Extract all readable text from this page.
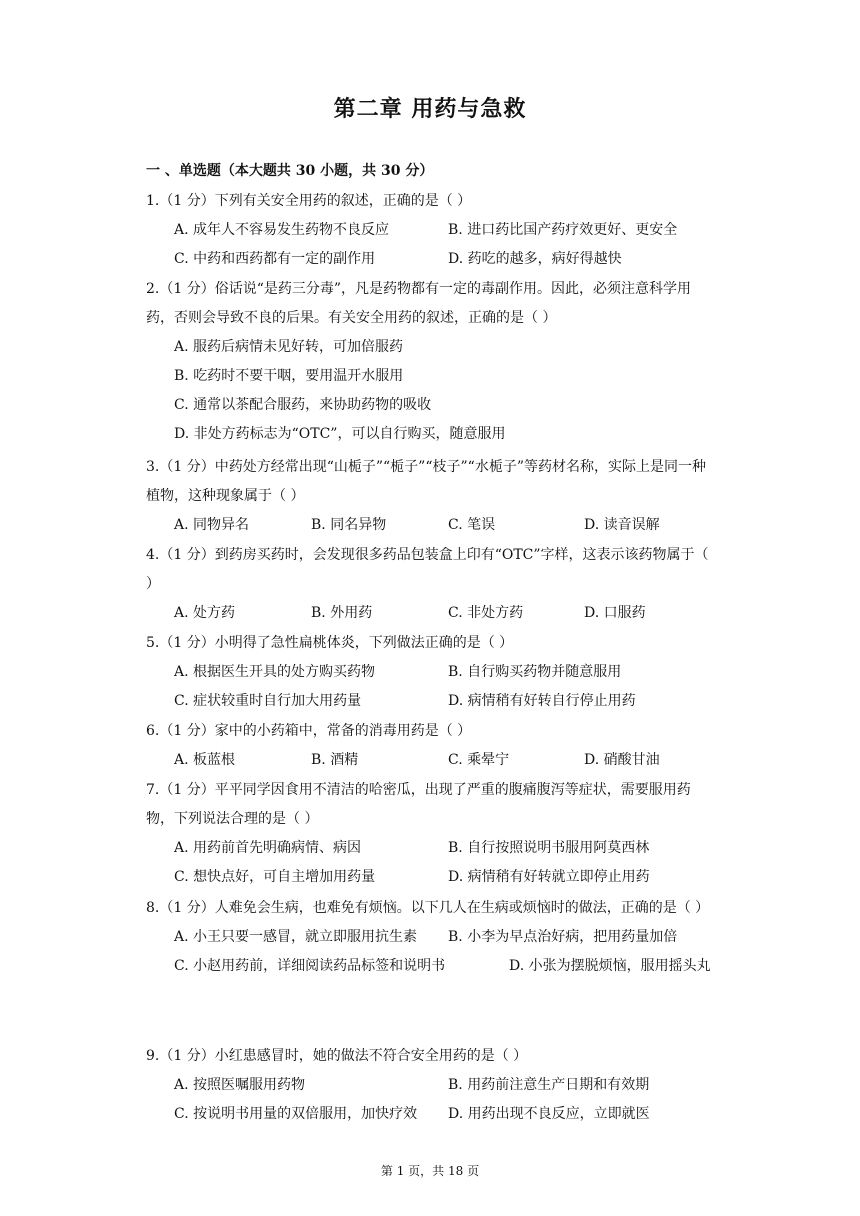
第二章 用药与急救
一 、单选题（本大题共 30 小题，共 30 分）
1.（1 分）下列有关安全用药的叙述，正确的是（ ）
A. 成年人不容易发生药物不良反应	B. 进口药比国产药疗效更好、更安全
C. 中药和西药都有一定的副作用	D. 药吃的越多，病好得越快
2.（1 分）俗话说“是药三分毒”，凡是药物都有一定的毒副作用。因此，必须注意科学用药，否则会导致不良的后果。有关安全用药的叙述，正确的是（ ）
A. 服药后病情未见好转，可加倍服药
B. 吃药时不要干咽，要用温开水服用
C. 通常以茶配合服药，来协助药物的吸收
D. 非处方药标志为“OTC”，可以自行购买，随意服用
3.（1 分）中药处方经常出现“山栀子”“栀子”“枝子”“水栀子”等药材名称，实际上是同一种植物，这种现象属于（ ）
A. 同物异名	B. 同名异物	C. 笔误	D. 读音误解
4.（1 分）到药房买药时，会发现很多药品包装盒上印有“OTC”字样，这表示该药物属于（ ）
A. 处方药	B. 外用药	C. 非处方药	D. 口服药
5.（1 分）小明得了急性扁桃体炎，下列做法正确的是（ ）
A. 根据医生开具的处方购买药物	B. 自行购买药物并随意服用
C. 症状较重时自行加大用药量	D. 病情稍有好转自行停止用药
6.（1 分）家中的小药箱中，常备的消毒用药是（ ）
A. 板蓝根	B. 酒精	C. 乘晕宁	D. 硝酸甘油
7.（1 分）平平同学因食用不清洁的哈密瓜，出现了严重的腹痛腹泻等症状，需要服用药物，下列说法合理的是（ ）
A. 用药前首先明确病情、病因	B. 自行按照说明书服用阿莫西林
C. 想快点好，可自主增加用药量	D. 病情稍有好转就立即停止用药
8.（1 分）人难免会生病，也难免有烦恼。以下几人在生病或烦恼时的做法，正确的是（ ）
A. 小王只要一感冒，就立即服用抗生素 B. 小李为早点治好病，把用药量加倍
C. 小赵用药前，详细阅读药品标签和说明书	D. 小张为摆脱烦恼，服用摇头丸
9.（1 分）小红患感冒时，她的做法不符合安全用药的是（ ）
A. 按照医嘱服用药物	B. 用药前注意生产日期和有效期
C. 按说明书用量的双倍服用，加快疗效 D. 用药出现不良反应，立即就医
第 1 页，共 18 页
